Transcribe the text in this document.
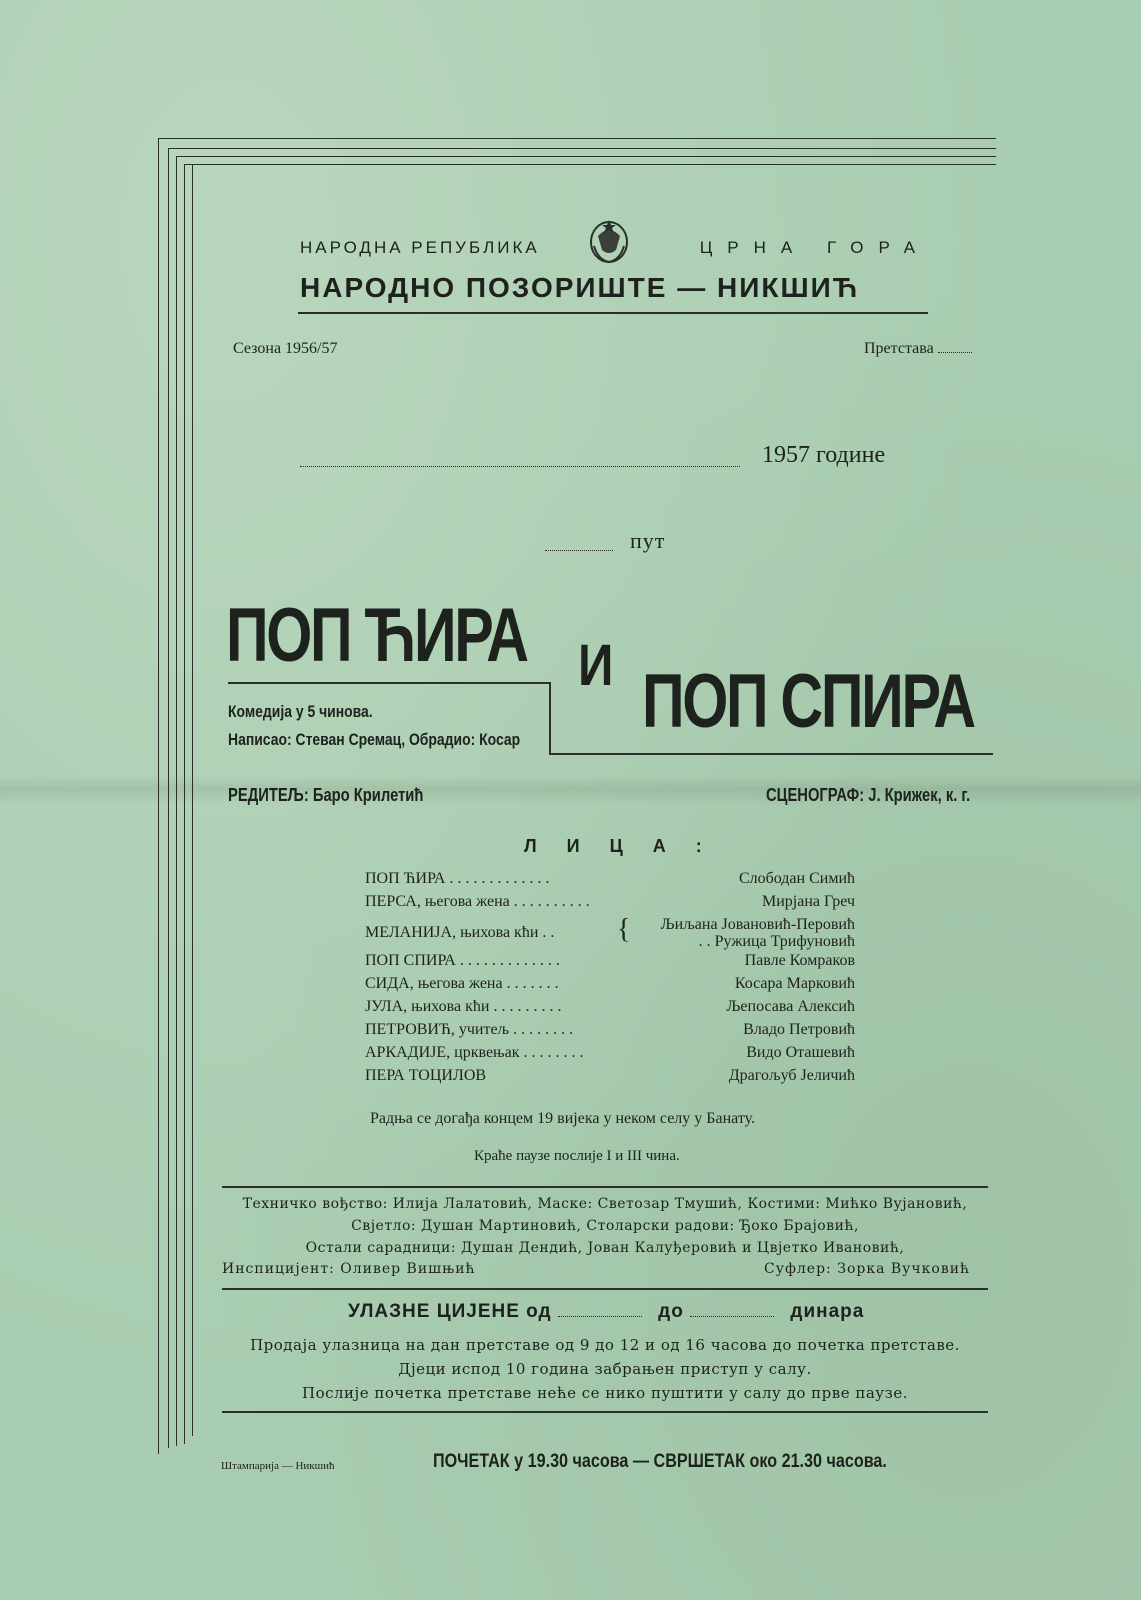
НАРОДНА РЕПУБЛИКА	ЦРНА ГОРА
НАРОДНО ПОЗОРИШТЕ — НИКШИЋ
Сезона 1956/57	Претстава
1957 године
пут
ПОП ЋИРА И ПОП СПИРА
Комедија у 5 чинова.
Написао: Стеван Сремац, Обрадио: Косар
РЕДИТЕЉ: Баро Крилетић	СЦЕНОГРАФ: Ј. Крижек, к. г.
ЛИЦА:
ПОП ЋИРА . . . . . . . . . . . . .	Слободан Симић
ПЕРСА, његова жена . . . . . . . . . .	Мирјана Греч
МЕЛАНИЈА, њихова кћи . . { Љиљана Јовановић-Перовић
. . Ружица Трифуновић
ПОП СПИРА . . . . . . . . . . . . .	Павле Комраков
СИДА, његова жена . . . . . . .	Косара Марковић
ЈУЛА, њихова кћи . . . . . . . . .	Љепосава Алексић
ПЕТРОВИЋ, учитељ . . . . . . . .	Владо Петровић
АРКАДИЈЕ, црквењак . . . . . . . .	Видо Оташевић
ПЕРА ТОЦИЛОВ	Драгољуб Јеличић
Радња се догађа концем 19 вијека у неком селу у Банату.
Краће паузе послије I и III чина.
Техничко вођство: Илија Лалатовић, Маске: Светозар Тмушић, Костими: Мићко Вујановић,
Свјетло: Душан Мартиновић, Столарски радови: Ђоко Брајовић,
Остали сарадници: Душан Дендић, Јован Калуђеровић и Цвјетко Ивановић,
Инспицијент: Оливер Вишњић	Суфлер: Зорка Вучковић
УЛАЗНЕ ЦИЈЕНЕ од	до	динара
Продаја улазница на дан претставе од 9 до 12 и од 16 часова до почетка претставе.
Дјеци испод 10 година забрањен приступ у салу.
Послије почетка претставе неће се нико пуштити у салу до прве паузе.
Штампарија — Никшић	ПОЧЕТАК у 19.30 часова — СВРШЕТАК око 21.30 часова.
